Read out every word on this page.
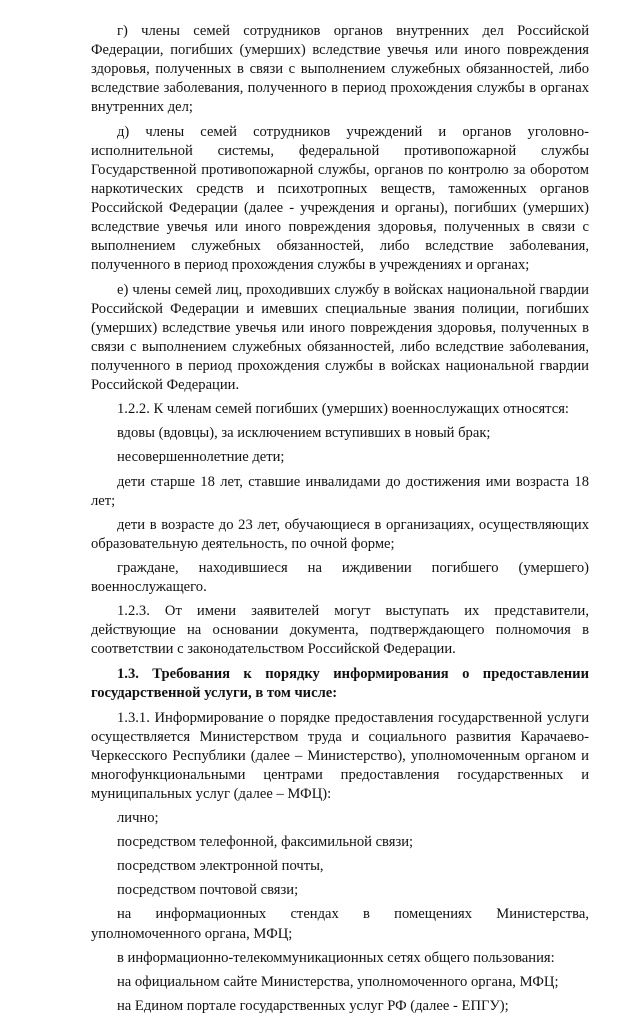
г) члены семей сотрудников органов внутренних дел Российской Федерации, погибших (умерших) вследствие увечья или иного повреждения здоровья, полученных в связи с выполнением служебных обязанностей, либо вследствие заболевания, полученного в период прохождения службы в органах внутренних дел;

д) члены семей сотрудников учреждений и органов уголовно-исполнительной системы, федеральной противопожарной службы Государственной противопожарной службы, органов по контролю за оборотом наркотических средств и психотропных веществ, таможенных органов Российской Федерации (далее - учреждения и органы), погибших (умерших) вследствие увечья или иного повреждения здоровья, полученных в связи с выполнением служебных обязанностей, либо вследствие заболевания, полученного в период прохождения службы в учреждениях и органах;

е) члены семей лиц, проходивших службу в войсках национальной гвардии Российской Федерации и имевших специальные звания полиции, погибших (умерших) вследствие увечья или иного повреждения здоровья, полученных в связи с выполнением служебных обязанностей, либо вследствие заболевания, полученного в период прохождения службы в войсках национальной гвардии Российской Федерации.

1.2.2. К членам семей погибших (умерших) военнослужащих относятся:

вдовы (вдовцы), за исключением вступивших в новый брак;

несовершеннолетние дети;

дети старше 18 лет, ставшие инвалидами до достижения ими возраста 18 лет;

дети в возрасте до 23 лет, обучающиеся в организациях, осуществляющих образовательную деятельность, по очной форме;

граждане, находившиеся на иждивении погибшего (умершего) военнослужащего.

1.2.3. От имени заявителей могут выступать их представители, действующие на основании документа, подтверждающего полномочия в соответствии с законодательством Российской Федерации.

1.3. Требования к порядку информирования о предоставлении государственной услуги, в том числе:

1.3.1. Информирование о порядке предоставления государственной услуги осуществляется Министерством труда и социального развития Карачаево-Черкесского Республики (далее – Министерство), уполномоченным органом и многофункциональными центрами предоставления государственных и муниципальных услуг (далее – МФЦ):

лично;

посредством телефонной, факсимильной связи;

посредством электронной почты,

посредством почтовой связи;

на информационных стендах в помещениях Министерства, уполномоченного органа, МФЦ;

в информационно-телекоммуникационных сетях общего пользования:

на официальном сайте Министерства, уполномоченного органа, МФЦ;

на Едином портале государственных услуг РФ (далее - ЕПГУ);
